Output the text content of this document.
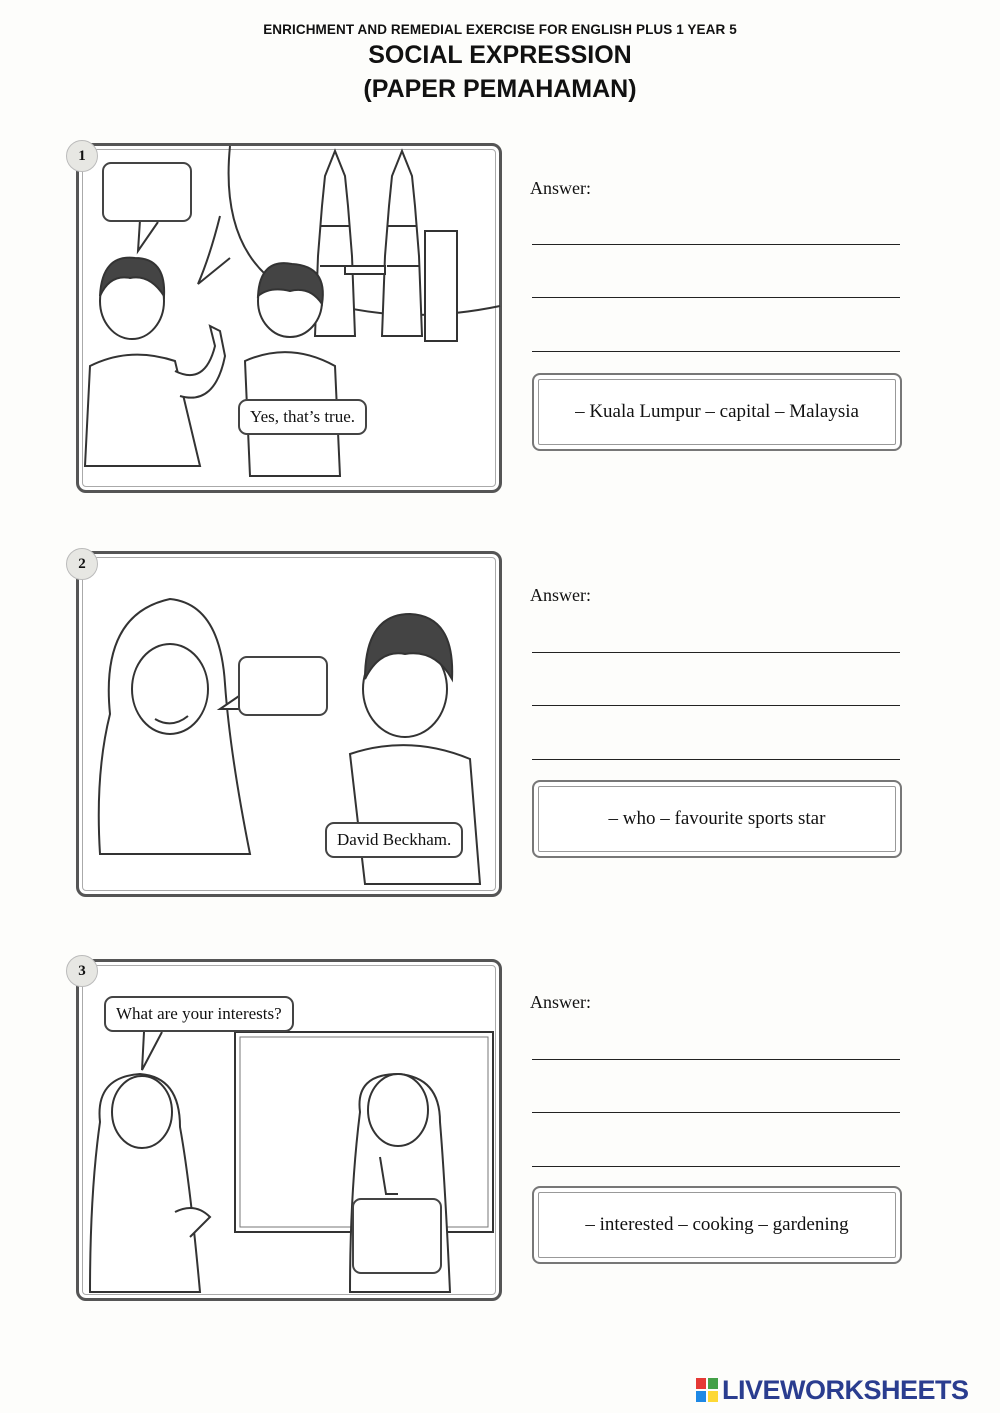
ENRICHMENT AND REMEDIAL EXERCISE FOR ENGLISH PLUS 1 YEAR 5
SOCIAL EXPRESSION
(PAPER PEMAHAMAN)
1
Yes, that’s true.
Answer:
– Kuala Lumpur – capital – Malaysia
2
David Beckham.
Answer:
– who – favourite sports star
3
What are your interests?
Answer:
– interested – cooking – gardening
LIVEWORKSHEETS
